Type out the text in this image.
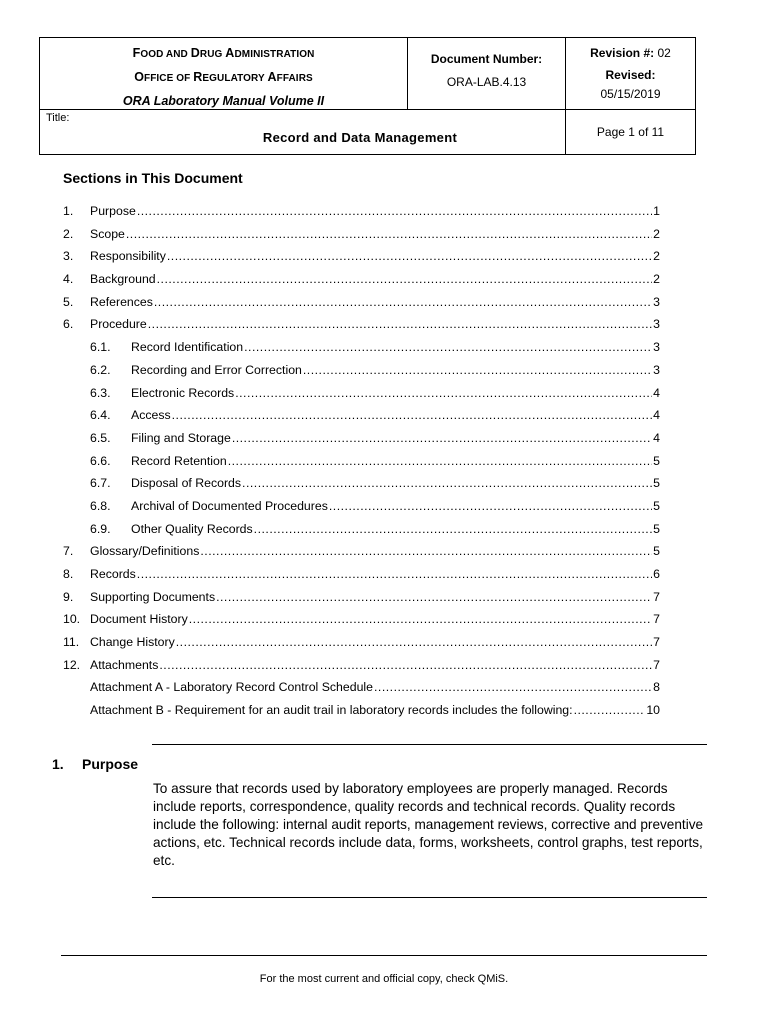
FOOD AND DRUG ADMINISTRATION
OFFICE OF REGULATORY AFFAIRS
ORA Laboratory Manual Volume II
Document Number:
ORA-LAB.4.13
Revision #: 02
Revised:
05/15/2019
Title:
Record and Data Management	Page 1 of 11
Sections in This Document
1. Purpose .....	1
2. Scope .....	2
3. Responsibility .....	2
4. Background .....	2
5. References .....	3
6. Procedure .....	3
6.1. Record Identification .....	3
6.2. Recording and Error Correction .....	3
6.3. Electronic Records .....	4
6.4. Access .....	4
6.5. Filing and Storage .....	4
6.6. Record Retention .....	5
6.7. Disposal of Records .....	5
6.8. Archival of Documented Procedures .....	5
6.9. Other Quality Records .....	5
7. Glossary/Definitions .....	5
8. Records .....	6
9. Supporting Documents .....	7
10. Document History .....	7
11. Change History .....	7
12. Attachments .....	7
Attachment A - Laboratory Record Control Schedule .....	8
Attachment B - Requirement for an audit trail in laboratory records includes the following: .....	10
1. Purpose
To assure that records used by laboratory employees are properly managed. Records include reports, correspondence, quality records and technical records. Quality records include the following: internal audit reports, management reviews, corrective and preventive actions, etc. Technical records include data, forms, worksheets, control graphs, test reports, etc.
For the most current and official copy, check QMiS.
